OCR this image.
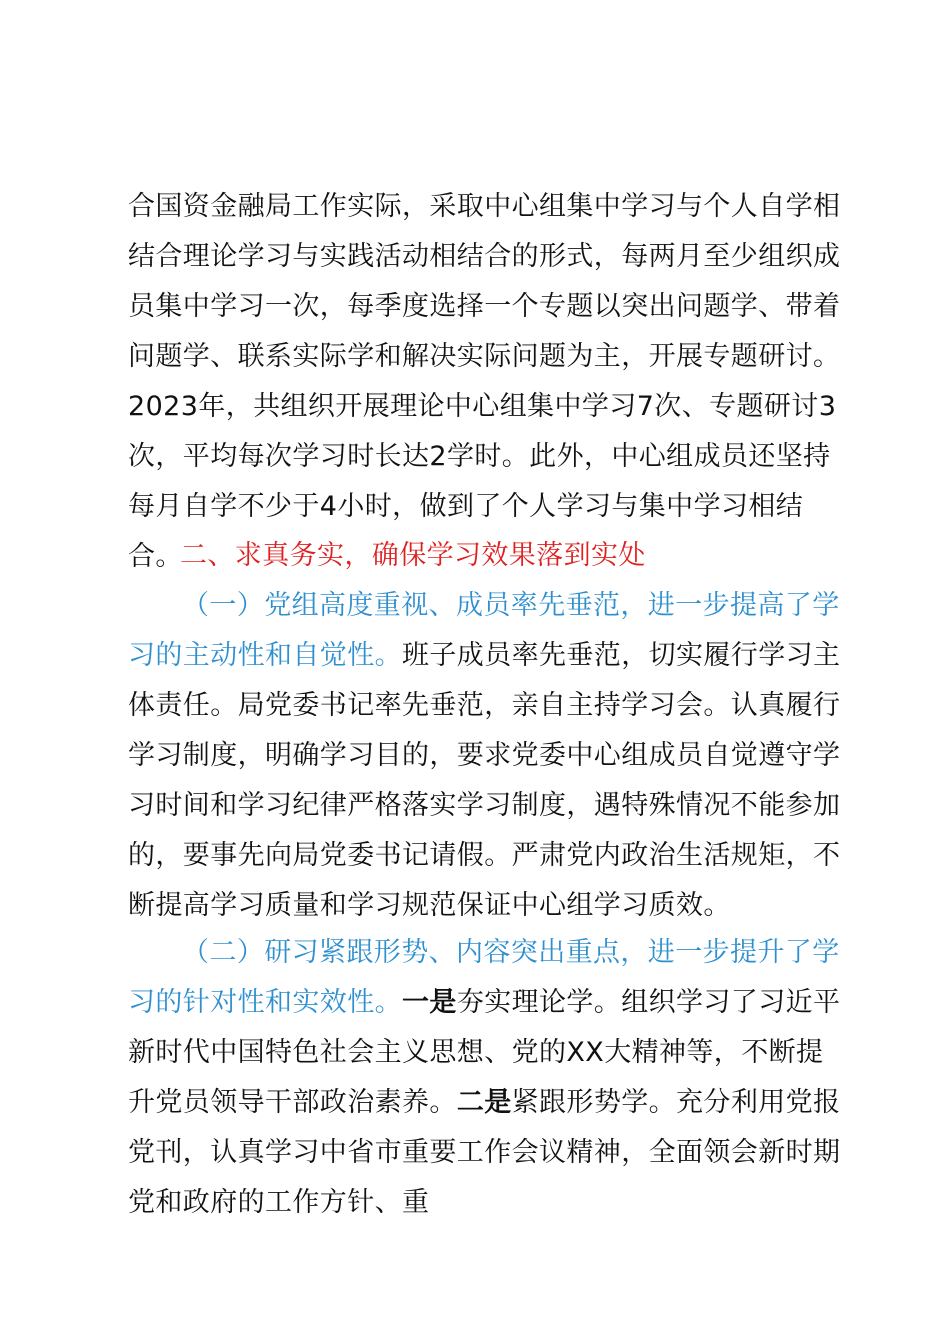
合国资金融局工作实际，采取中心组集中学习与个人自学相结合理论学习与实践活动相结合的形式，每两月至少组织成员集中学习一次，每季度选择一个专题以突出问题学、带着问题学、联系实际学和解决实际问题为主，开展专题研讨。2023年，共组织开展理论中心组集中学习7次、专题研讨3次，平均每次学习时长达2学时。此外，中心组成员还坚持每月自学不少于4小时，做到了个人学习与集中学习相结合。

二、求真务实，确保学习效果落到实处

（一）党组高度重视、成员率先垂范，进一步提高了学习的主动性和自觉性。班子成员率先垂范，切实履行学习主体责任。局党委书记率先垂范，亲自主持学习会。认真履行学习制度，明确学习目的，要求党委中心组成员自觉遵守学习时间和学习纪律严格落实学习制度，遇特殊情况不能参加的，要事先向局党委书记请假。严肃党内政治生活规矩，不断提高学习质量和学习规范保证中心组学习质效。

（二）研习紧跟形势、内容突出重点，进一步提升了学习的针对性和实效性。一是夯实理论学。组织学习了习近平新时代中国特色社会主义思想、党的XX大精神等，不断提升党员领导干部政治素养。二是紧跟形势学。充分利用党报党刊，认真学习中省市重要工作会议精神，全面领会新时期党和政府的工作方针、重
